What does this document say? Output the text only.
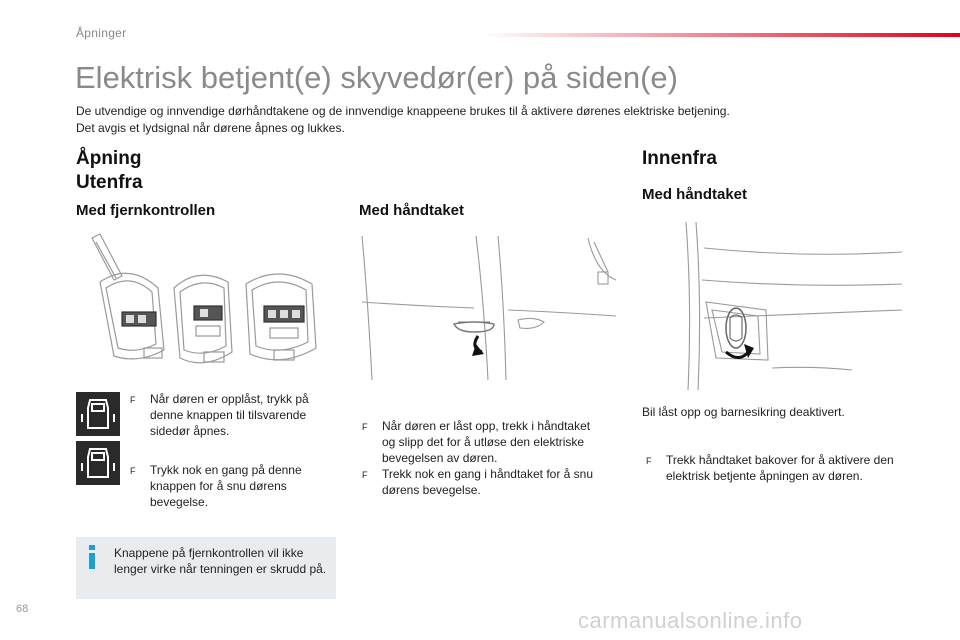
Åpninger
Elektrisk betjent(e) skyvedør(er) på siden(e)
De utvendige og innvendige dørhåndtakene og de innvendige knappeene brukes til å aktivere dørenes elektriske betjening.
Det avgis et lydsignal når dørene åpnes og lukkes.
Åpning
Utenfra
Med fjernkontrollen	Med håndtaket
Innenfra
Med håndtaket
F	Når døren er opplåst, trykk på
denne knappen til tilsvarende
sidedør åpnes.
F	Trykk nok en gang på denne
knappen for å snu dørens
bevegelse.
Knappene på fjernkontrollen vil ikke
lenger virke når tenningen er skrudd på.
F	Når døren er låst opp, trekk i håndtaket
og slipp det for å utløse den elektriske
bevegelsen av døren.
F	Trekk nok en gang i håndtaket for å snu
dørens bevegelse.
Bil låst opp og barnesikring deaktivert.
F	Trekk håndtaket bakover for å aktivere den
elektrisk betjente åpningen av døren.
68	carmanualsonline.info
